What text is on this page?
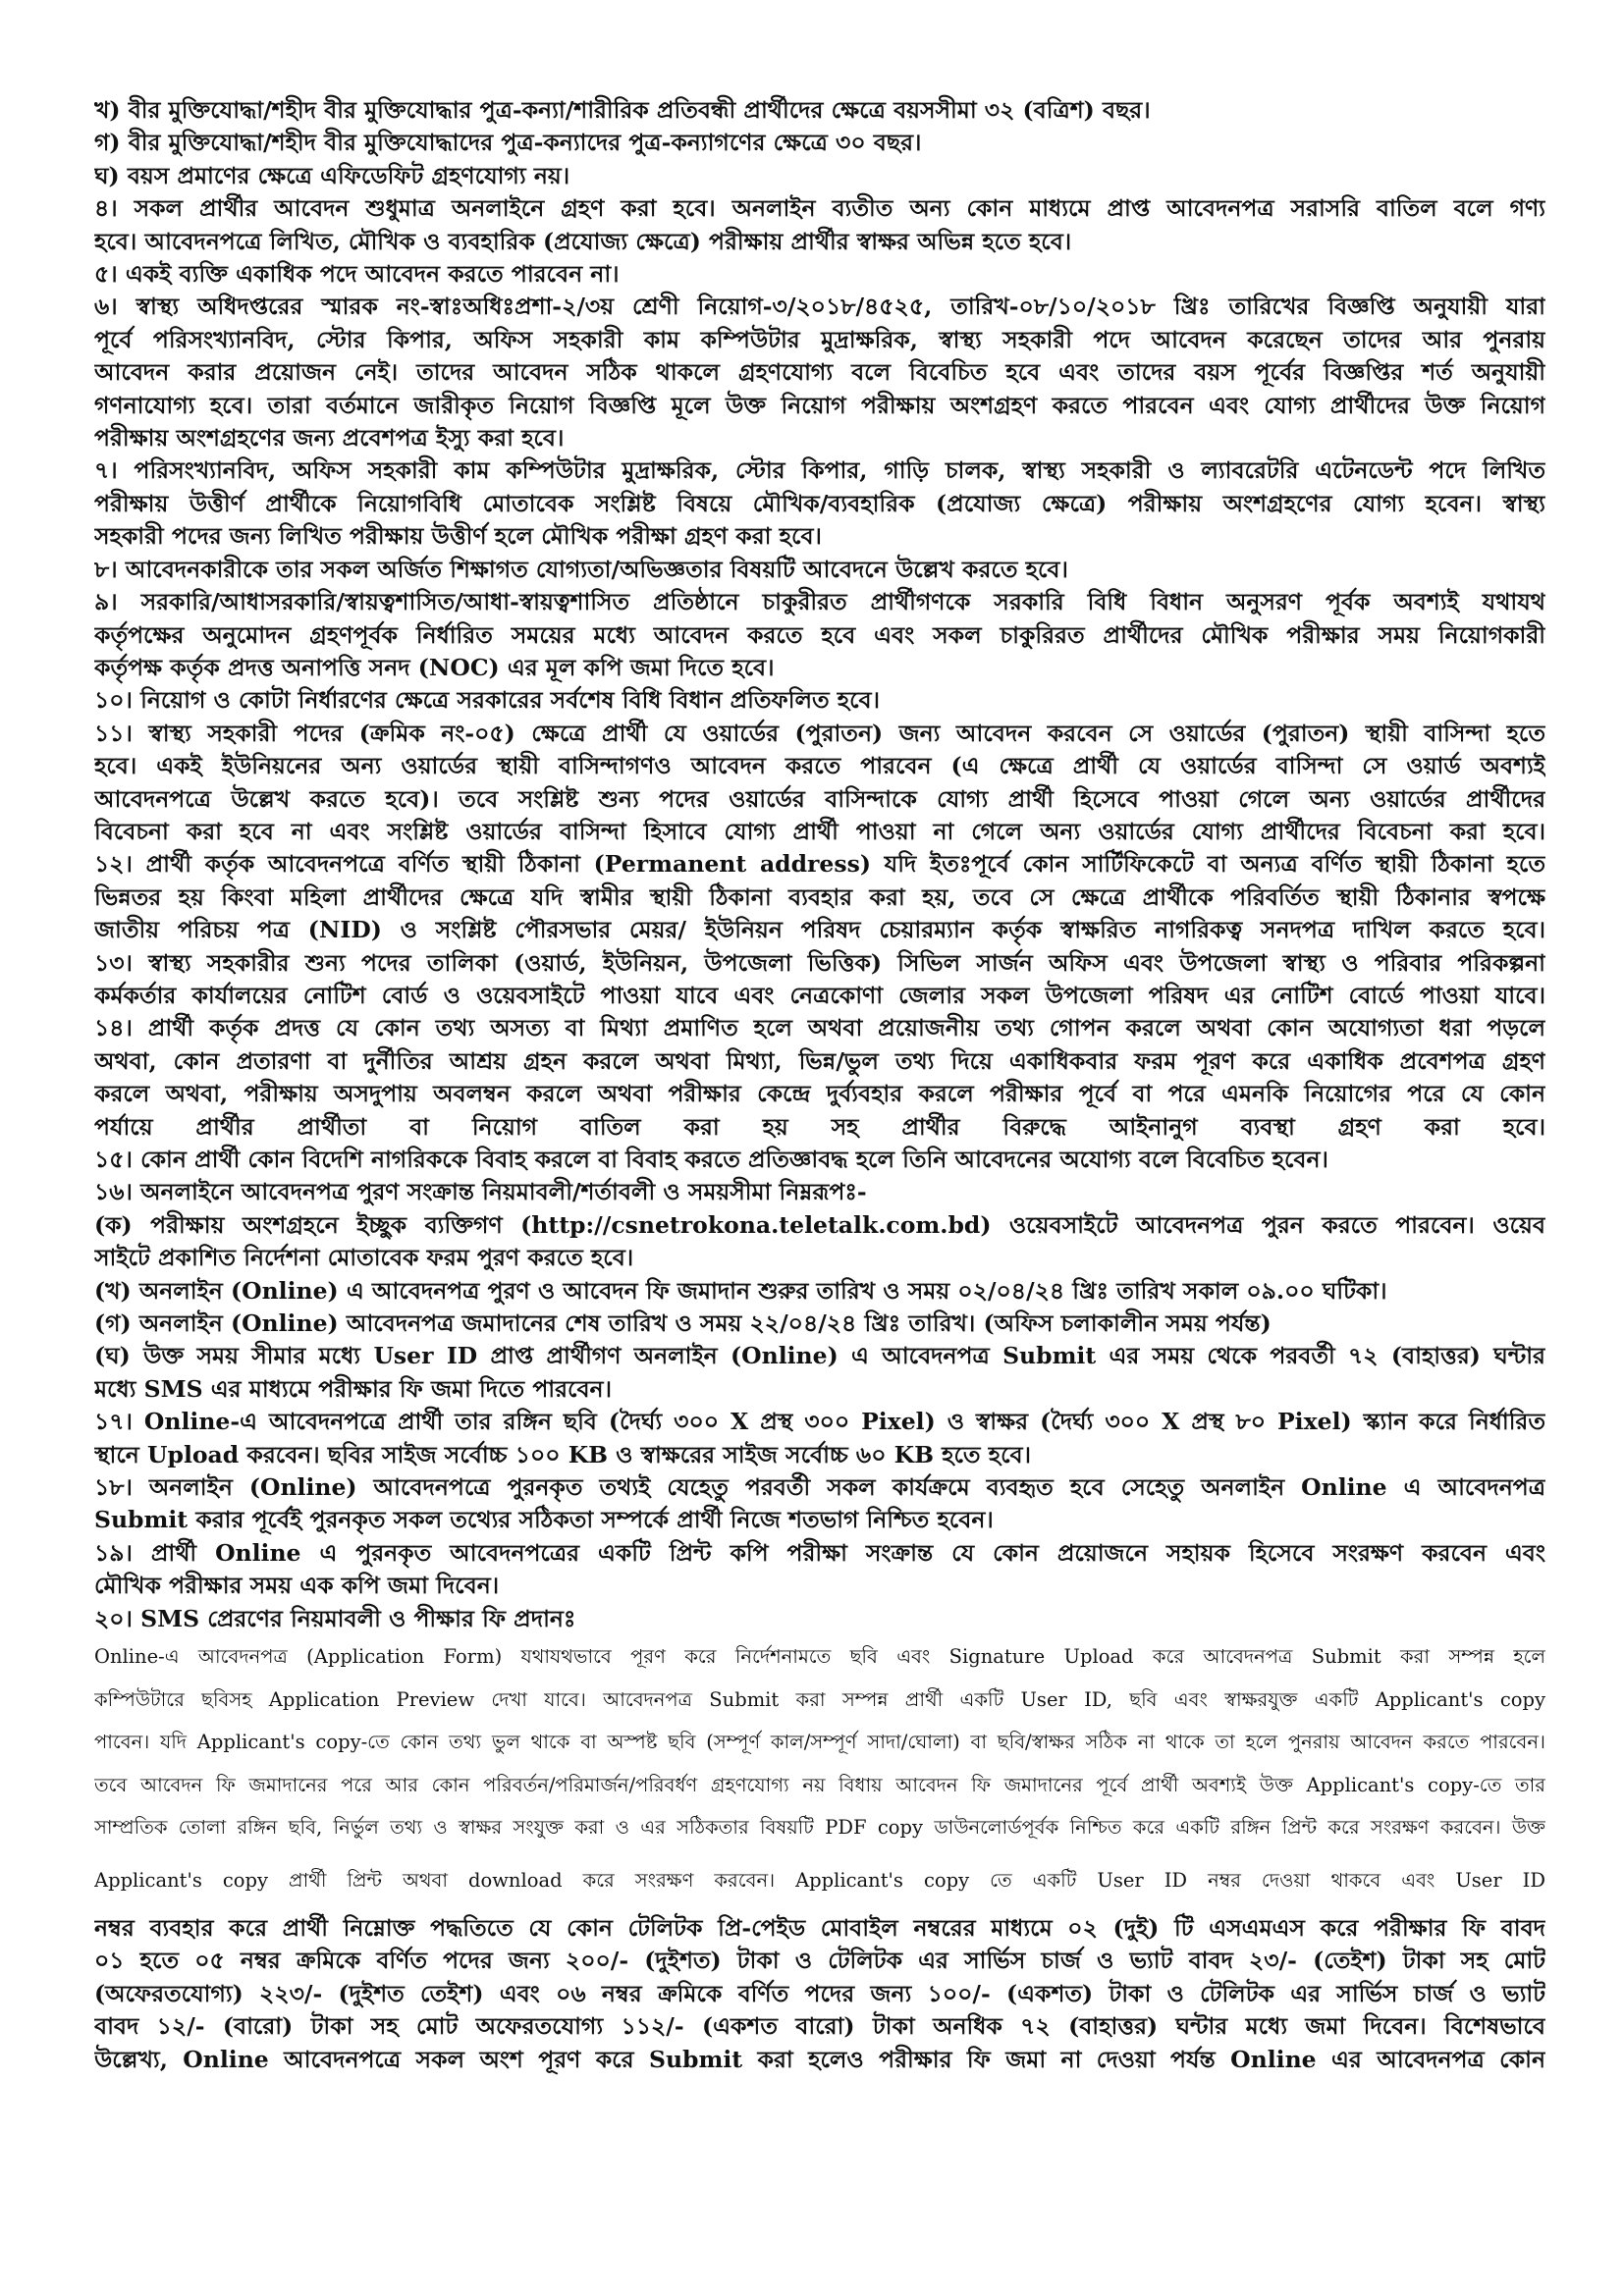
খ) বীর মুক্তিযোদ্ধা/শহীদ বীর মুক্তিযোদ্ধার পুত্র-কন্যা/শারীরিক প্রতিবন্ধী প্রার্থীদের ক্ষেত্রে বয়সসীমা ৩২ (বত্রিশ) বছর।
গ) বীর মুক্তিযোদ্ধা/শহীদ বীর মুক্তিযোদ্ধাদের পুত্র-কন্যাদের পুত্র-কন্যাগণের ক্ষেত্রে ৩০ বছর।
ঘ) বয়স প্রমাণের ক্ষেত্রে এফিডেফিট গ্রহণযোগ্য নয়।
৪। সকল প্রার্থীর আবেদন শুধুমাত্র অনলাইনে গ্রহণ করা হবে। অনলাইন ব্যতীত অন্য কোন মাধ্যমে প্রাপ্ত আবেদনপত্র সরাসরি বাতিল বলে গণ্য
হবে। আবেদনপত্রে লিখিত, মৌখিক ও ব্যবহারিক (প্রযোজ্য ক্ষেত্রে) পরীক্ষায় প্রার্থীর স্বাক্ষর অভিন্ন হতে হবে।
৫। একই ব্যক্তি একাধিক পদে আবেদন করতে পারবেন না।
৬। স্বাস্থ্য অধিদপ্তরের স্মারক নং-স্বাঃঅধিঃপ্রশা-২/৩য় শ্রেণী নিয়োগ-৩/২০১৮/৪৫২৫, তারিখ-০৮/১০/২০১৮ খ্রিঃ তারিখের বিজ্ঞপ্তি অনুযায়ী যারা
পূর্বে পরিসংখ্যানবিদ, স্টোর কিপার, অফিস সহকারী কাম কম্পিউটার মুদ্রাক্ষরিক, স্বাস্থ্য সহকারী পদে আবেদন করেছেন তাদের আর পুনরায়
আবেদন করার প্রয়োজন নেই। তাদের আবেদন সঠিক থাকলে গ্রহণযোগ্য বলে বিবেচিত হবে এবং তাদের বয়স পূর্বের বিজ্ঞপ্তির শর্ত অনুযায়ী
গণনাযোগ্য হবে। তারা বর্তমানে জারীকৃত নিয়োগ বিজ্ঞপ্তি মূলে উক্ত নিয়োগ পরীক্ষায় অংশগ্রহণ করতে পারবেন এবং যোগ্য প্রার্থীদের উক্ত নিয়োগ
পরীক্ষায় অংশগ্রহণের জন্য প্রবেশপত্র ইস্যু করা হবে।
৭। পরিসংখ্যানবিদ, অফিস সহকারী কাম কম্পিউটার মুদ্রাক্ষরিক, স্টোর কিপার, গাড়ি চালক, স্বাস্থ্য সহকারী ও ল্যাবরেটরি এটেনডেন্ট পদে লিখিত
পরীক্ষায় উত্তীর্ণ প্রার্থীকে নিয়োগবিধি মোতাবেক সংশ্লিষ্ট বিষয়ে মৌখিক/ব্যবহারিক (প্রযোজ্য ক্ষেত্রে) পরীক্ষায় অংশগ্রহণের যোগ্য হবেন। স্বাস্থ্য
সহকারী পদের জন্য লিখিত পরীক্ষায় উত্তীর্ণ হলে মৌখিক পরীক্ষা গ্রহণ করা হবে।
৮। আবেদনকারীকে তার সকল অর্জিত শিক্ষাগত যোগ্যতা/অভিজ্ঞতার বিষয়টি আবেদনে উল্লেখ করতে হবে।
৯। সরকারি/আধাসরকারি/স্বায়ত্বশাসিত/আধা-স্বায়ত্বশাসিত প্রতিষ্ঠানে চাকুরীরত প্রার্থীগণকে সরকারি বিধি বিধান অনুসরণ পূর্বক অবশ্যই যথাযথ
কর্তৃপক্ষের অনুমোদন গ্রহণপূর্বক নির্ধারিত সময়ের মধ্যে আবেদন করতে হবে এবং সকল চাকুরিরত প্রার্থীদের মৌখিক পরীক্ষার সময় নিয়োগকারী
কর্তৃপক্ষ কর্তৃক প্রদত্ত অনাপত্তি সনদ (NOC) এর মূল কপি জমা দিতে হবে।
১০। নিয়োগ ও কোটা নির্ধারণের ক্ষেত্রে সরকারের সর্বশেষ বিধি বিধান প্রতিফলিত হবে।
১১। স্বাস্থ্য সহকারী পদের (ক্রমিক নং-০৫) ক্ষেত্রে প্রার্থী যে ওয়ার্ডের (পুরাতন) জন্য আবেদন করবেন সে ওয়ার্ডের (পুরাতন) স্থায়ী বাসিন্দা হতে
হবে। একই ইউনিয়নের অন্য ওয়ার্ডের স্থায়ী বাসিন্দাগণও আবেদন করতে পারবেন (এ ক্ষেত্রে প্রার্থী যে ওয়ার্ডের বাসিন্দা সে ওয়ার্ড অবশ্যই
আবেদনপত্রে উল্লেখ করতে হবে)। তবে সংশ্লিষ্ট শুন্য পদের ওয়ার্ডের বাসিন্দাকে যোগ্য প্রার্থী হিসেবে পাওয়া গেলে অন্য ওয়ার্ডের প্রার্থীদের
বিবেচনা করা হবে না এবং সংশ্লিষ্ট ওয়ার্ডের বাসিন্দা হিসাবে যোগ্য প্রার্থী পাওয়া না গেলে অন্য ওয়ার্ডের যোগ্য প্রার্থীদের বিবেচনা করা হবে।
১২। প্রার্থী কর্তৃক আবেদনপত্রে বর্ণিত স্থায়ী ঠিকানা (Permanent address) যদি ইতঃপূর্বে কোন সার্টিফিকেটে বা অন্যত্র বর্ণিত স্থায়ী ঠিকানা হতে
ভিন্নতর হয় কিংবা মহিলা প্রার্থীদের ক্ষেত্রে যদি স্বামীর স্থায়ী ঠিকানা ব্যবহার করা হয়, তবে সে ক্ষেত্রে প্রার্থীকে পরিবর্তিত স্থায়ী ঠিকানার স্বপক্ষে
জাতীয় পরিচয় পত্র (NID) ও সংশ্লিষ্ট পৌরসভার মেয়র/ ইউনিয়ন পরিষদ চেয়ারম্যান কর্তৃক স্বাক্ষরিত নাগরিকত্ব সনদপত্র দাখিল করতে হবে।
১৩। স্বাস্থ্য সহকারীর শুন্য পদের তালিকা (ওয়ার্ড, ইউনিয়ন, উপজেলা ভিত্তিক) সিভিল সার্জন অফিস এবং উপজেলা স্বাস্থ্য ও পরিবার পরিকল্পনা
কর্মকর্তার কার্যালয়ের নোটিশ বোর্ড ও ওয়েবসাইটে পাওয়া যাবে এবং নেত্রকোণা জেলার সকল উপজেলা পরিষদ এর নোটিশ বোর্ডে পাওয়া যাবে।
১৪। প্রার্থী কর্তৃক প্রদত্ত যে কোন তথ্য অসত্য বা মিথ্যা প্রমাণিত হলে অথবা প্রয়োজনীয় তথ্য গোপন করলে অথবা কোন অযোগ্যতা ধরা পড়লে
অথবা, কোন প্রতারণা বা দুর্নীতির আশ্রয় গ্রহন করলে অথবা মিথ্যা, ভিন্ন/ভুল তথ্য দিয়ে একাধিকবার ফরম পূরণ করে একাধিক প্রবেশপত্র গ্রহণ
করলে অথবা, পরীক্ষায় অসদুপায় অবলম্বন করলে অথবা পরীক্ষার কেন্দ্রে দুর্ব্যবহার করলে পরীক্ষার পূর্বে বা পরে এমনকি নিয়োগের পরে যে কোন
পর্যায়ে প্রার্থীর প্রার্থীতা বা নিয়োগ বাতিল করা হয় সহ প্রার্থীর বিরুদ্ধে আইনানুগ ব্যবস্থা গ্রহণ করা হবে।
১৫। কোন প্রার্থী কোন বিদেশি নাগরিককে বিবাহ করলে বা বিবাহ করতে প্রতিজ্ঞাবদ্ধ হলে তিনি আবেদনের অযোগ্য বলে বিবেচিত হবেন।
১৬। অনলাইনে আবেদনপত্র পুরণ সংক্রান্ত নিয়মাবলী/শর্তাবলী ও সময়সীমা নিম্নরূপঃ-
(ক) পরীক্ষায় অংশগ্রহনে ইচ্ছুক ব্যক্তিগণ (http://csnetrokona.teletalk.com.bd) ওয়েবসাইটে আবেদনপত্র পুরন করতে পারবেন। ওয়েব
সাইটে প্রকাশিত নির্দেশনা মোতাবেক ফরম পুরণ করতে হবে।
(খ) অনলাইন (Online) এ আবেদনপত্র পুরণ ও আবেদন ফি জমাদান শুরুর তারিখ ও সময় ০২/০৪/২৪ খ্রিঃ তারিখ সকাল ০৯.০০ ঘটিকা।
(গ) অনলাইন (Online) আবেদনপত্র জমাদানের শেষ তারিখ ও সময় ২২/০৪/২৪ খ্রিঃ তারিখ। (অফিস চলাকালীন সময় পর্যন্ত)
(ঘ) উক্ত সময় সীমার মধ্যে User ID প্রাপ্ত প্রার্থীগণ অনলাইন (Online) এ আবেদনপত্র Submit এর সময় থেকে পরবর্তী ৭২ (বাহাত্তর) ঘন্টার
মধ্যে SMS এর মাধ্যমে পরীক্ষার ফি জমা দিতে পারবেন।
১৭। Online-এ আবেদনপত্রে প্রার্থী তার রঙ্গিন ছবি (দৈর্ঘ্য ৩০০ X প্রস্থ ৩০০ Pixel) ও স্বাক্ষর (দৈর্ঘ্য ৩০০ X প্রস্থ ৮০ Pixel) স্ক্যান করে নির্ধারিত
স্থানে Upload করবেন। ছবির সাইজ সর্বোচ্চ ১০০ KB ও স্বাক্ষরের সাইজ সর্বোচ্চ ৬০ KB হতে হবে।
১৮। অনলাইন (Online) আবেদনপত্রে পুরনকৃত তথ্যই যেহেতু পরবর্তী সকল কার্যক্রমে ব্যবহৃত হবে সেহেতু অনলাইন Online এ আবেদনপত্র
Submit করার পূর্বেই পুরনকৃত সকল তথ্যের সঠিকতা সম্পর্কে প্রার্থী নিজে শতভাগ নিশ্চিত হবেন।
১৯। প্রার্থী Online এ পুরনকৃত আবেদনপত্রের একটি প্রিন্ট কপি পরীক্ষা সংক্রান্ত যে কোন প্রয়োজনে সহায়ক হিসেবে সংরক্ষণ করবেন এবং
মৌখিক পরীক্ষার সময় এক কপি জমা দিবেন।
২০। SMS প্রেরণের নিয়মাবলী ও পীক্ষার ফি প্রদানঃ
Online-এ আবেদনপত্র (Application Form) যথাযথভাবে পূরণ করে নির্দেশনামতে ছবি এবং Signature Upload করে আবেদনপত্র Submit করা সম্পন্ন হলে
কম্পিউটারে ছবিসহ Application Preview দেখা যাবে। আবেদনপত্র Submit করা সম্পন্ন প্রার্থী একটি User ID, ছবি এবং স্বাক্ষরযুক্ত একটি Applicant's copy
পাবেন। যদি Applicant's copy-তে কোন তথ্য ভুল থাকে বা অস্পষ্ট ছবি (সম্পূর্ণ কাল/সম্পূর্ণ সাদা/ঘোলা) বা ছবি/স্বাক্ষর সঠিক না থাকে তা হলে পুনরায় আবেদন করতে পারবেন।
তবে আবেদন ফি জমাদানের পরে আর কোন পরিবর্তন/পরিমার্জন/পরিবর্ধণ গ্রহণযোগ্য নয় বিধায় আবেদন ফি জমাদানের পূর্বে প্রার্থী অবশ্যই উক্ত Applicant's copy-তে তার
সাম্প্রতিক তোলা রঙ্গিন ছবি, নির্ভুল তথ্য ও স্বাক্ষর সংযুক্ত করা ও এর সঠিকতার বিষয়টি PDF copy ডাউনলোর্ডপূর্বক নিশ্চিত করে একটি রঙ্গিন প্রিন্ট করে সংরক্ষণ করবেন। উক্ত
Applicant's copy প্রার্থী প্রিন্ট অথবা download করে সংরক্ষণ করবেন। Applicant's copy তে একটি User ID নম্বর দেওয়া থাকবে এবং User ID
নম্বর ব্যবহার করে প্রার্থী নিম্নোক্ত পদ্ধতিতে যে কোন টেলিটক প্রি-পেইড মোবাইল নম্বরের মাধ্যমে ০২ (দুই) টি এসএমএস করে পরীক্ষার ফি বাবদ
০১ হতে ০৫ নম্বর ক্রমিকে বর্ণিত পদের জন্য ২০০/- (দুইশত) টাকা ও টেলিটক এর সার্ভিস চার্জ ও ভ্যাট বাবদ ২৩/- (তেইশ) টাকা সহ মোট
(অফেরতযোগ্য) ২২৩/- (দুইশত তেইশ) এবং ০৬ নম্বর ক্রমিকে বর্ণিত পদের জন্য ১০০/- (একশত) টাকা ও টেলিটক এর সার্ভিস চার্জ ও ভ্যাট
বাবদ ১২/- (বারো) টাকা সহ মোট অফেরতযোগ্য ১১২/- (একশত বারো) টাকা অনধিক ৭২ (বাহাত্তর) ঘন্টার মধ্যে জমা দিবেন। বিশেষভাবে
উল্লেখ্য, Online আবেদনপত্রে সকল অংশ পূরণ করে Submit করা হলেও পরীক্ষার ফি জমা না দেওয়া পর্যন্ত Online এর আবেদনপত্র কোন
